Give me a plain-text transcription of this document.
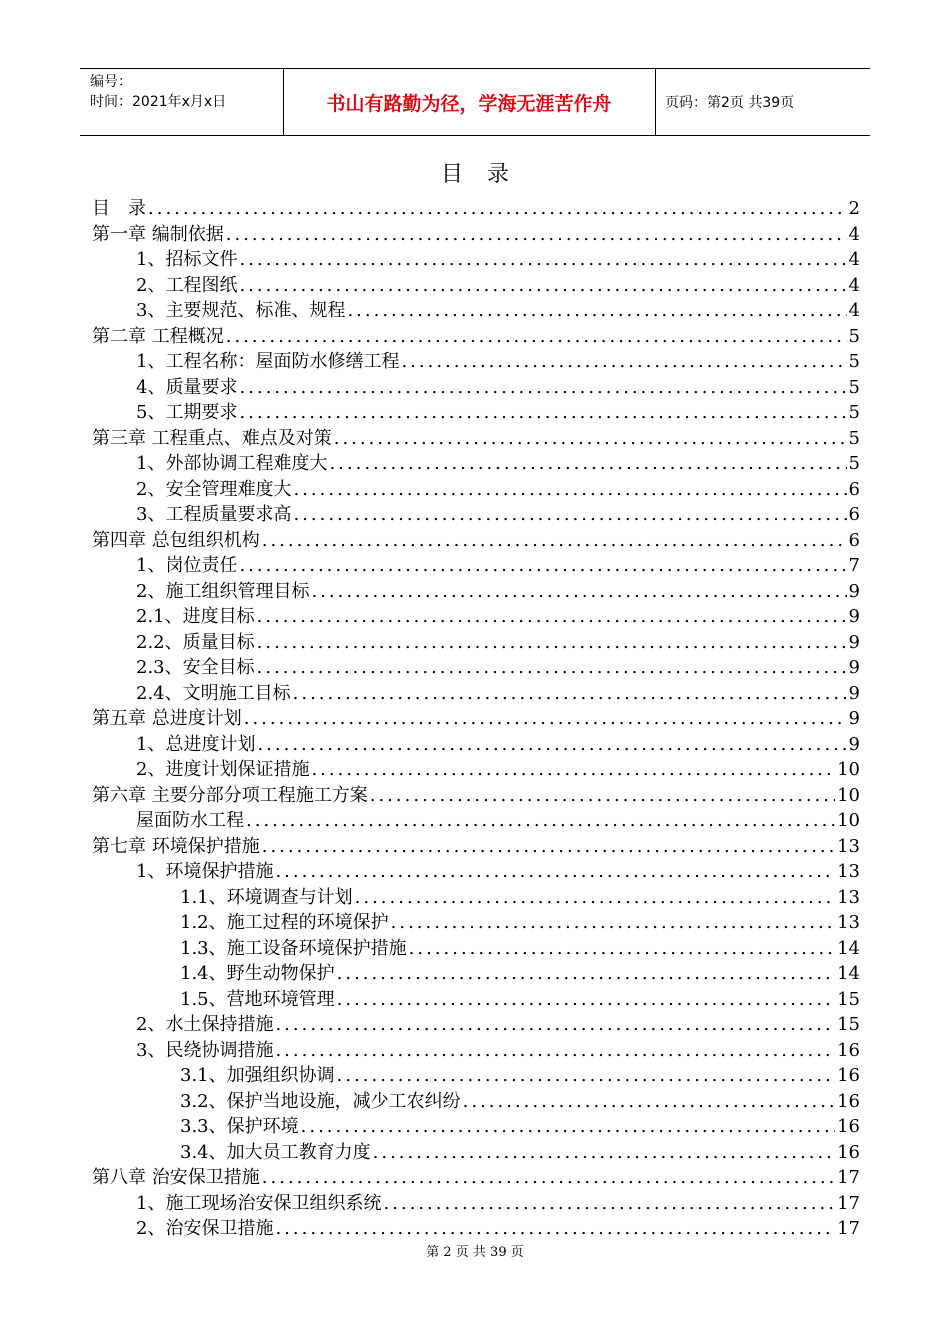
编号：
时间：2021年x月x日	书山有路勤为径，学海无涯苦作舟	页码：第2页 共39页
目录
目　录 .....	2
第一章 编制依据 .....	4
1、招标文件 .....	4
2、工程图纸 .....	4
3、主要规范、标准、规程 .....	4
第二章 工程概况 .....	5
1、工程名称：屋面防水修缮工程 .....	5
4、质量要求 .....	5
5、工期要求 .....	5
第三章 工程重点、难点及对策 .....	5
1、外部协调工程难度大 .....	5
2、安全管理难度大 .....	6
3、工程质量要求高 .....	6
第四章 总包组织机构 .....	6
1、岗位责任 .....	7
2、施工组织管理目标 .....	9
2.1、进度目标 .....	9
2.2、质量目标 .....	9
2.3、安全目标 .....	9
2.4、文明施工目标 .....	9
第五章 总进度计划 .....	9
1、总进度计划 .....	9
2、进度计划保证措施 .....	10
第六章 主要分部分项工程施工方案 .....	10
屋面防水工程 .....	10
第七章 环境保护措施 .....	13
1、环境保护措施 .....	13
1.1、环境调查与计划 .....	13
1.2、施工过程的环境保护 .....	13
1.3、施工设备环境保护措施 .....	14
1.4、野生动物保护 .....	14
1.5、营地环境管理 .....	15
2、水土保持措施 .....	15
3、民绕协调措施 .....	16
3.1、加强组织协调 .....	16
3.2、保护当地设施，减少工农纠纷 .....	16
3.3、保护环境 .....	16
3.4、加大员工教育力度 .....	16
第八章 治安保卫措施 .....	17
1、施工现场治安保卫组织系统 .....	17
2、治安保卫措施 .....	17
第 2 页 共 39 页
